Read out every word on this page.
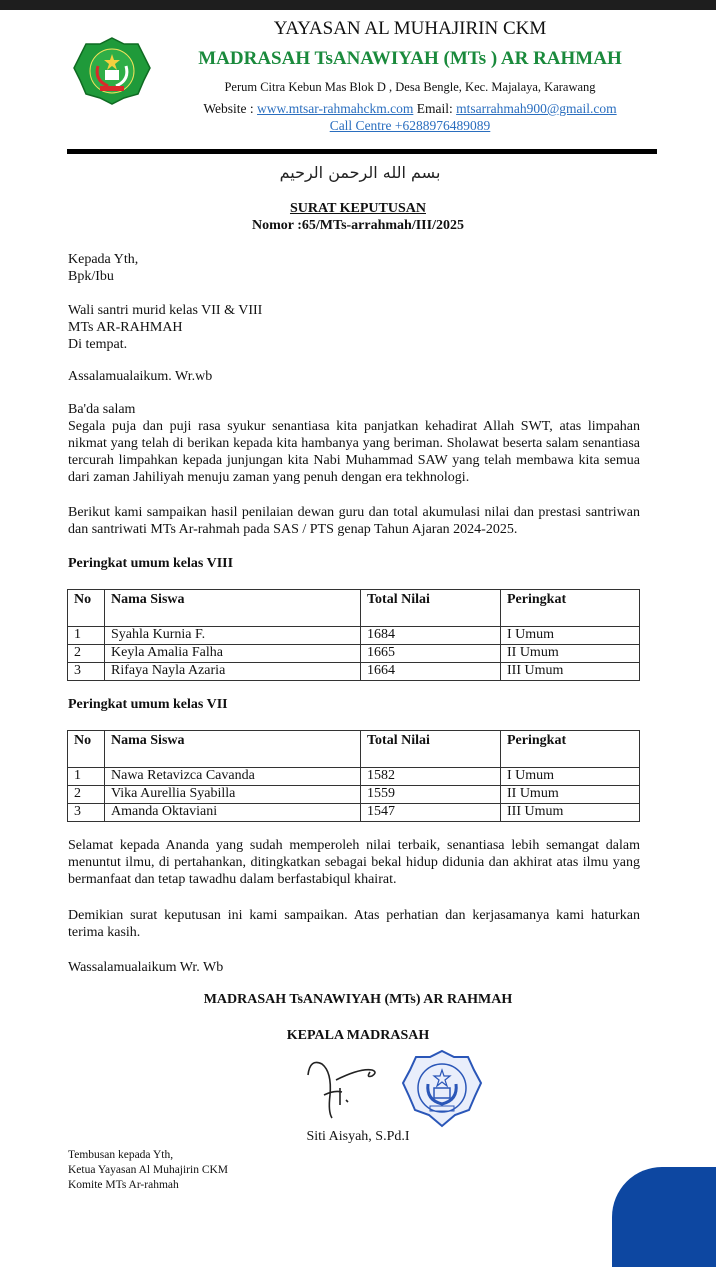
YAYASAN AL MUHAJIRIN CKM
MADRASAH TsANAWIYAH (MTs ) AR RAHMAH
Perum Citra Kebun Mas Blok D , Desa Bengle, Kec. Majalaya, Karawang
Website : www.mtsar-rahmahckm.com Email: mtsarrahmah900@gmail.com
Call Centre +6288976489089
بسم الله الرحمن الرحيم
SURAT KEPUTUSAN
Nomor :65/MTs-arrahmah/III/2025
Kepada Yth,
Bpk/Ibu
Wali santri murid kelas VII & VIII
MTs AR-RAHMAH
Di tempat.
Assalamualaikum. Wr.wb
Ba'da salam
Segala puja dan puji rasa syukur senantiasa kita panjatkan kehadirat Allah SWT, atas limpahan nikmat yang telah di berikan kepada kita hambanya yang beriman. Sholawat beserta salam senantiasa tercurah limpahkan kepada junjungan kita Nabi Muhammad SAW yang telah membawa kita semua dari zaman Jahiliyah menuju zaman yang penuh dengan era tekhnologi.
Berikut kami sampaikan hasil penilaian dewan guru dan total akumulasi nilai dan prestasi santriwan dan santriwati MTs Ar-rahmah pada SAS / PTS genap Tahun Ajaran 2024-2025.
Peringkat umum kelas VIII
No	Nama Siswa	Total Nilai	Peringkat
1	Syahla Kurnia F.	1684	I Umum
2	Keyla Amalia Falha	1665	II Umum
3	Rifaya Nayla Azaria	1664	III Umum
Peringkat umum kelas VII
No	Nama Siswa	Total Nilai	Peringkat
1	Nawa Retavizca Cavanda	1582	I Umum
2	Vika Aurellia Syabilla	1559	II Umum
3	Amanda Oktaviani	1547	III Umum
Selamat kepada Ananda yang sudah memperoleh nilai terbaik, senantiasa lebih semangat dalam menuntut ilmu, di pertahankan, ditingkatkan sebagai bekal hidup didunia dan akhirat atas ilmu yang bermanfaat dan tetap tawadhu dalam berfastabiqul khairat.
Demikian surat keputusan ini kami sampaikan. Atas perhatian dan kerjasamanya kami haturkan terima kasih.
Wassalamualaikum Wr. Wb
MADRASAH TsANAWIYAH (MTs) AR RAHMAH
KEPALA MADRASAH
Siti Aisyah, S.Pd.I
Tembusan kepada Yth,
Ketua Yayasan Al Muhajirin CKM
Komite MTs Ar-rahmah
